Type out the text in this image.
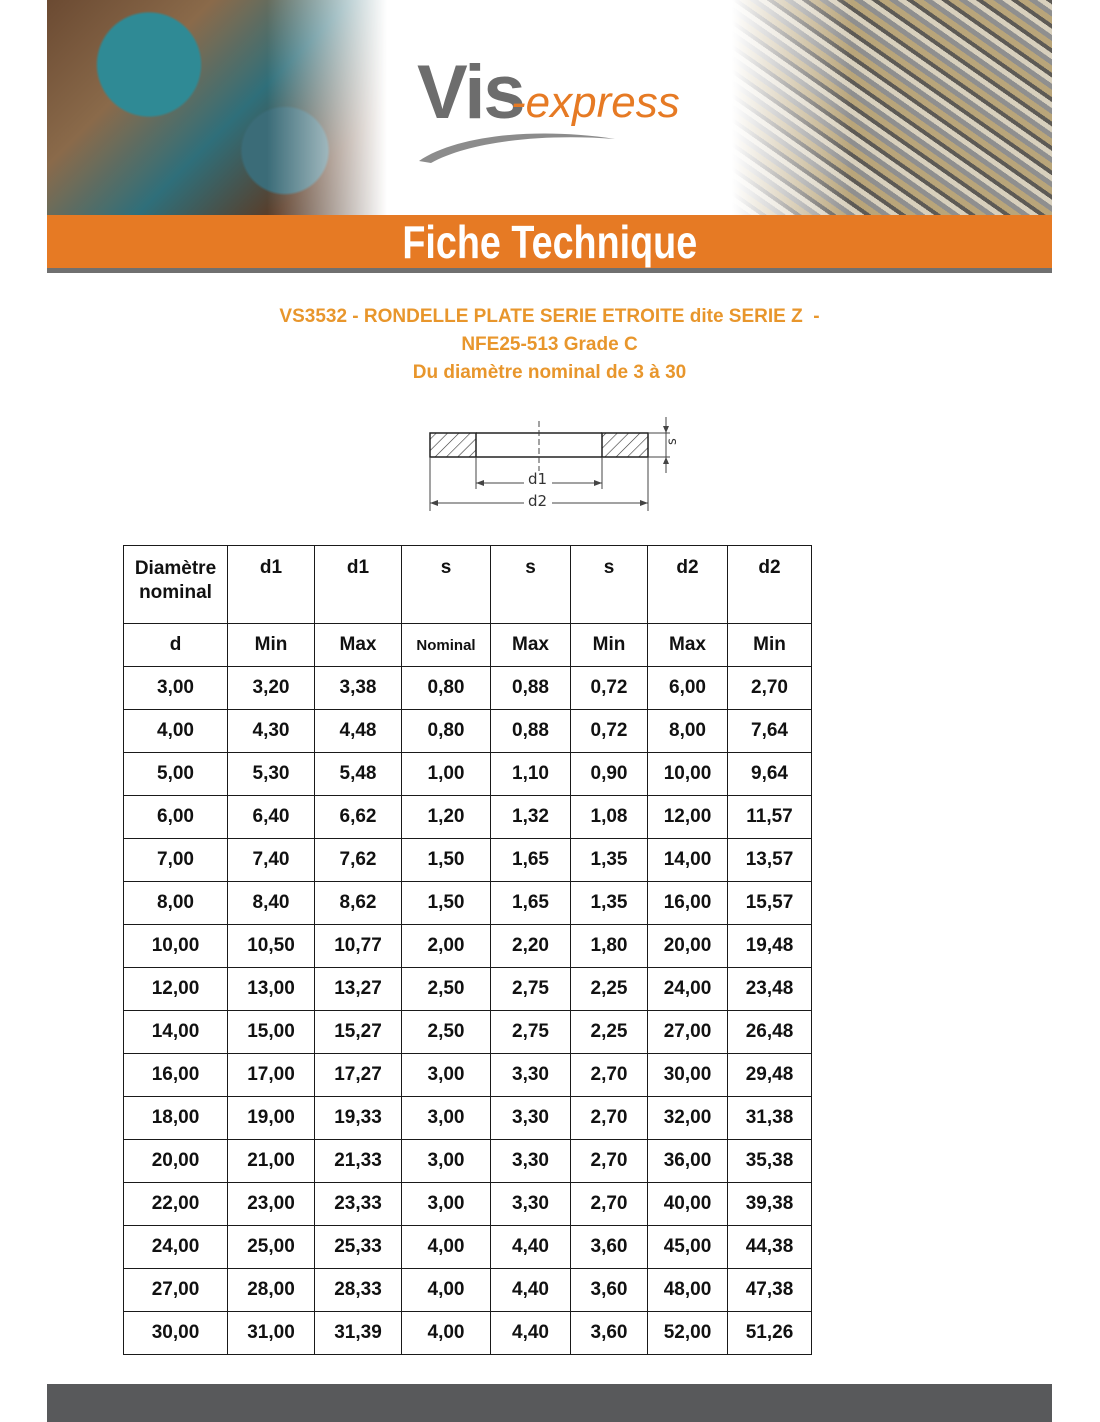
Vis
-express
Fiche Technique
VS3532 - RONDELLE PLATE SERIE ETROITE dite SERIE Z  -
NFE25-513 Grade C
Du diamètre nominal de 3 à 30
s
d1
d2
Diamètre nominal	d1	d1	s	s	s	d2	d2
d	Min	Max	Nominal	Max	Min	Max	Min
3,00	3,20	3,38	0,80	0,88	0,72	6,00	2,70
4,00	4,30	4,48	0,80	0,88	0,72	8,00	7,64
5,00	5,30	5,48	1,00	1,10	0,90	10,00	9,64
6,00	6,40	6,62	1,20	1,32	1,08	12,00	11,57
7,00	7,40	7,62	1,50	1,65	1,35	14,00	13,57
8,00	8,40	8,62	1,50	1,65	1,35	16,00	15,57
10,00	10,50	10,77	2,00	2,20	1,80	20,00	19,48
12,00	13,00	13,27	2,50	2,75	2,25	24,00	23,48
14,00	15,00	15,27	2,50	2,75	2,25	27,00	26,48
16,00	17,00	17,27	3,00	3,30	2,70	30,00	29,48
18,00	19,00	19,33	3,00	3,30	2,70	32,00	31,38
20,00	21,00	21,33	3,00	3,30	2,70	36,00	35,38
22,00	23,00	23,33	3,00	3,30	2,70	40,00	39,38
24,00	25,00	25,33	4,00	4,40	3,60	45,00	44,38
27,00	28,00	28,33	4,00	4,40	3,60	48,00	47,38
30,00	31,00	31,39	4,00	4,40	3,60	52,00	51,26
